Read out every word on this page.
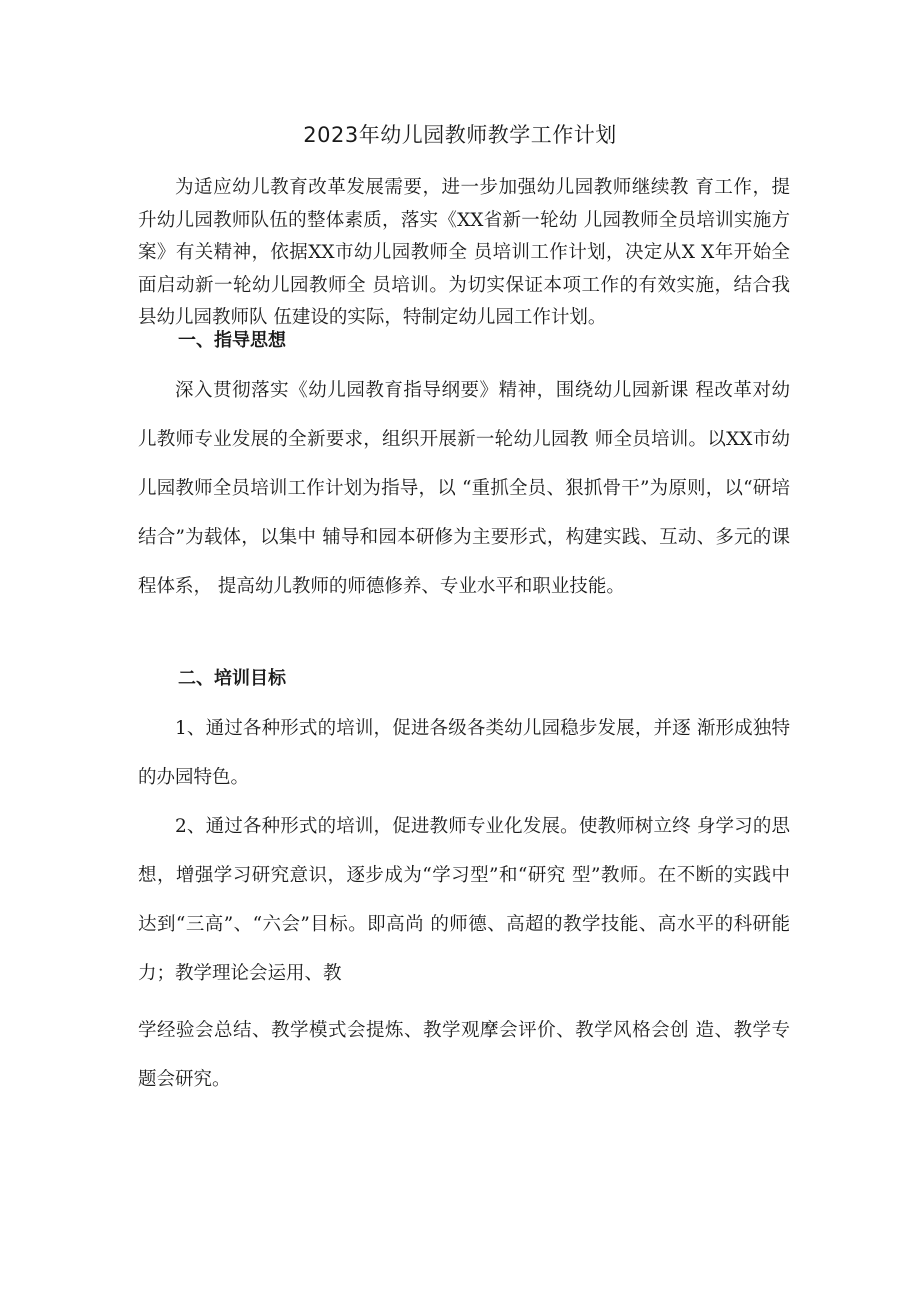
2023年幼儿园教师教学工作计划

为适应幼儿教育改革发展需要，进一步加强幼儿园教师继续教 育工作，提升幼儿园教师队伍的整体素质，落实《XX省新一轮幼 儿园教师全员培训实施方案》有关精神，依据XX市幼儿园教师全 员培训工作计划，决定从X X年开始全面启动新一轮幼儿园教师全 员培训。为切实保证本项工作的有效实施，结合我县幼儿园教师队 伍建设的实际，特制定幼儿园工作计划。

一、指导思想

深入贯彻落实《幼儿园教育指导纲要》精神，围绕幼儿园新课 程改革对幼儿教师专业发展的全新要求，组织开展新一轮幼儿园教 师全员培训。以XX市幼儿园教师全员培训工作计划为指导，以 “重抓全员、狠抓骨干”为原则，以“研培结合”为载体，以集中 辅导和园本研修为主要形式，构建实践、互动、多元的课程体系， 提高幼儿教师的师德修养、专业水平和职业技能。

二、培训目标

1、通过各种形式的培训，促进各级各类幼儿园稳步发展，并逐 渐形成独特的办园特色。

2、通过各种形式的培训，促进教师专业化发展。使教师树立终 身学习的思想，增强学习研究意识，逐步成为“学习型”和“研究 型”教师。在不断的实践中达到“三高”、“六会”目标。即高尚 的师德、高超的教学技能、高水平的科研能力；教学理论会运用、教

学经验会总结、教学模式会提炼、教学观摩会评价、教学风格会创 造、教学专题会研究。
